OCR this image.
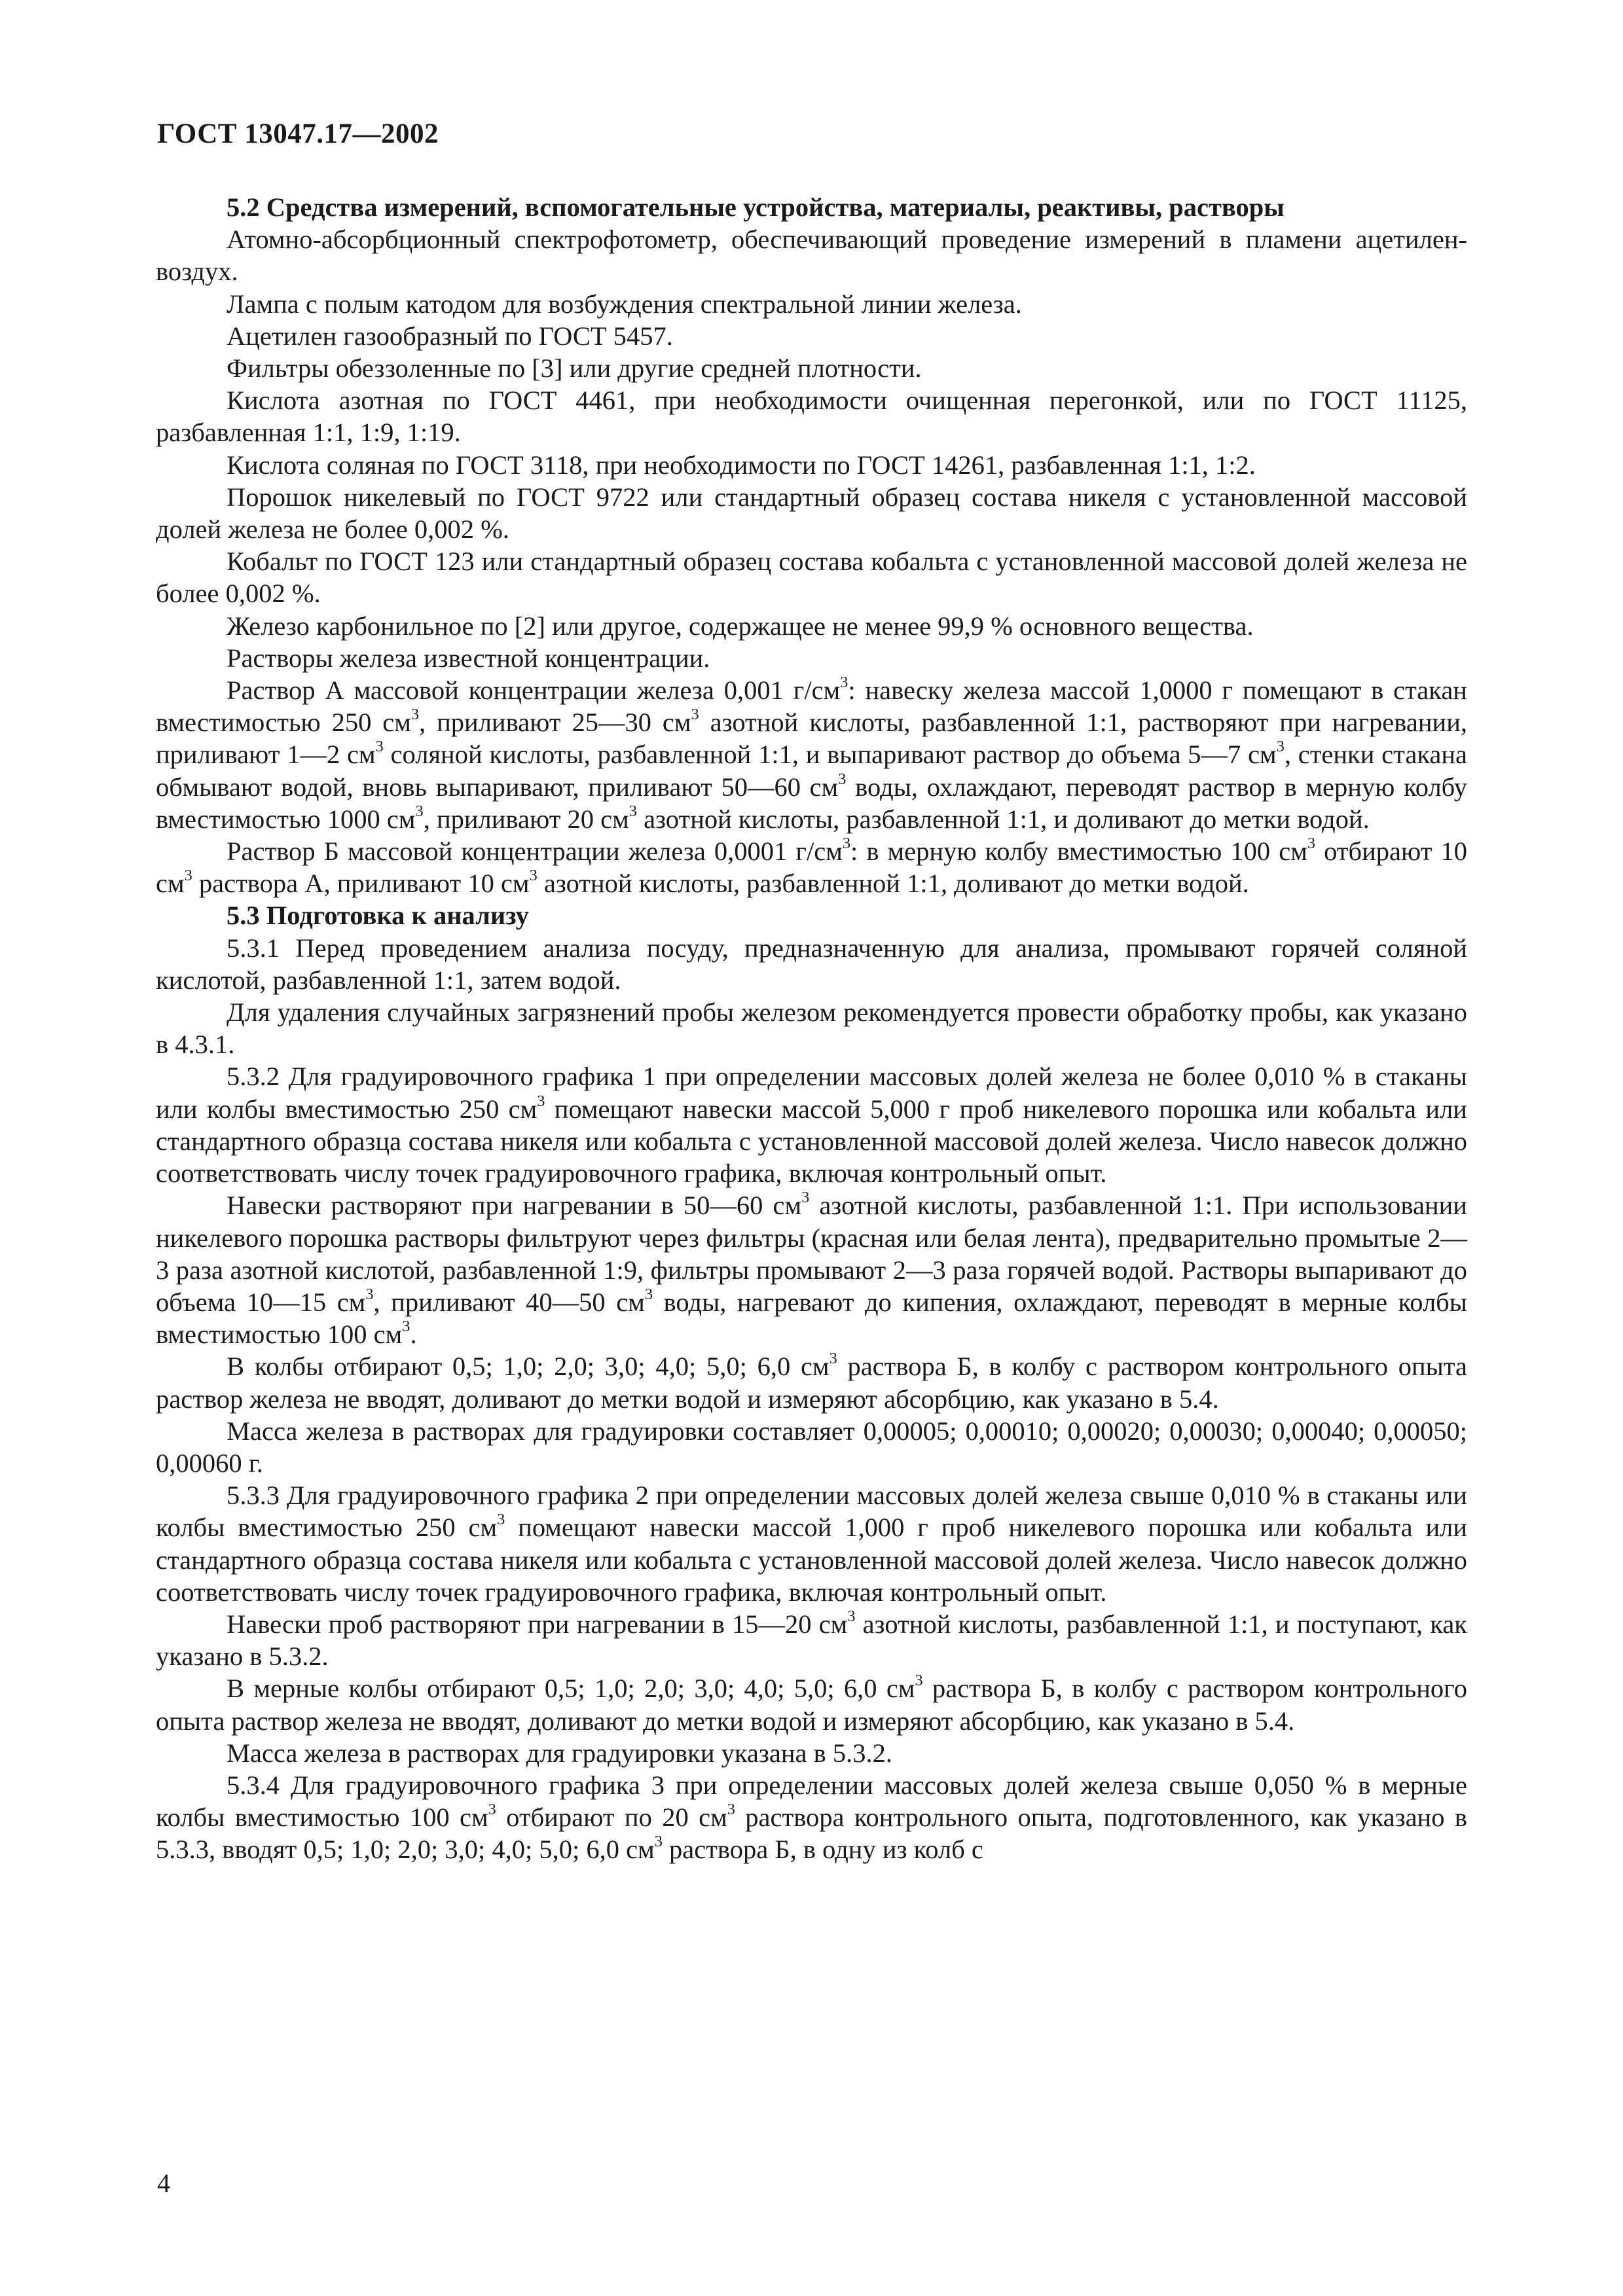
ГОСТ 13047.17—2002

5.2 Средства измерений, вспомогательные устройства, материалы, реактивы, растворы

Атомно-абсорбционный спектрофотометр, обеспечивающий проведение измерений в пламени ацетилен-воздух.

Лампа с полым катодом для возбуждения спектральной линии железа.

Ацетилен газообразный по ГОСТ 5457.

Фильтры обеззоленные по [3] или другие средней плотности.

Кислота азотная по ГОСТ 4461, при необходимости очищенная перегонкой, или по ГОСТ 11125, разбавленная 1:1, 1:9, 1:19.

Кислота соляная по ГОСТ 3118, при необходимости по ГОСТ 14261, разбавленная 1:1, 1:2.

Порошок никелевый по ГОСТ 9722 или стандартный образец состава никеля с установленной массовой долей железа не более 0,002 %.

Кобальт по ГОСТ 123 или стандартный образец состава кобальта с установленной массовой долей железа не более 0,002 %.

Железо карбонильное по [2] или другое, содержащее не менее 99,9 % основного вещества.

Растворы железа известной концентрации.

Раствор А массовой концентрации железа 0,001 $г/см^3$: навеску железа массой 1,0000 г помещают в стакан вместимостью 250 $см^3$, приливают 25—30 $см^3$ азотной кислоты, разбавленной 1:1, растворяют при нагревании, приливают 1—2 $см^3$ соляной кислоты, разбавленной 1:1, и выпаривают раствор до объема 5—7 $см^3$, стенки стакана обмывают водой, вновь выпаривают, приливают 50—60 $см^3$ воды, охлаждают, переводят раствор в мерную колбу вместимостью 1000 $см^3$, приливают 20 $см^3$ азотной кислоты, разбавленной 1:1, и доливают до метки водой.

Раствор Б массовой концентрации железа 0,0001 $г/см^3$: в мерную колбу вместимостью 100 $см^3$ отбирают 10 $см^3$ раствора А, приливают 10 $см^3$ азотной кислоты, разбавленной 1:1, доливают до метки водой.

5.3 Подготовка к анализу

5.3.1 Перед проведением анализа посуду, предназначенную для анализа, промывают горячей соляной кислотой, разбавленной 1:1, затем водой.

Для удаления случайных загрязнений пробы железом рекомендуется провести обработку пробы, как указано в 4.3.1.

5.3.2 Для градуировочного графика 1 при определении массовых долей железа не более 0,010 % в стаканы или колбы вместимостью 250 $см^3$ помещают навески массой 5,000 г проб никелевого порошка или кобальта или стандартного образца состава никеля или кобальта с установленной массовой долей железа. Число навесок должно соответствовать числу точек градуировочного графика, включая контрольный опыт.

Навески растворяют при нагревании в 50—60 $см^3$ азотной кислоты, разбавленной 1:1. При использовании никелевого порошка растворы фильтруют через фильтры (красная или белая лента), предварительно промытые 2—3 раза азотной кислотой, разбавленной 1:9, фильтры промывают 2—3 раза горячей водой. Растворы выпаривают до объема 10—15 $см^3$, приливают 40—50 $см^3$ воды, нагревают до кипения, охлаждают, переводят в мерные колбы вместимостью 100 $см^3$.

В колбы отбирают 0,5; 1,0; 2,0; 3,0; 4,0; 5,0; 6,0 $см^3$ раствора Б, в колбу с раствором контрольного опыта раствор железа не вводят, доливают до метки водой и измеряют абсорбцию, как указано в 5.4.

Масса железа в растворах для градуировки составляет 0,00005; 0,00010; 0,00020; 0,00030; 0,00040; 0,00050; 0,00060 г.

5.3.3 Для градуировочного графика 2 при определении массовых долей железа свыше 0,010 % в стаканы или колбы вместимостью 250 $см^3$ помещают навески массой 1,000 г проб никелевого порошка или кобальта или стандартного образца состава никеля или кобальта с установленной массовой долей железа. Число навесок должно соответствовать числу точек градуировочного графика, включая контрольный опыт.

Навески проб растворяют при нагревании в 15—20 $см^3$ азотной кислоты, разбавленной 1:1, и поступают, как указано в 5.3.2.

В мерные колбы отбирают 0,5; 1,0; 2,0; 3,0; 4,0; 5,0; 6,0 $см^3$ раствора Б, в колбу с раствором контрольного опыта раствор железа не вводят, доливают до метки водой и измеряют абсорбцию, как указано в 5.4.

Масса железа в растворах для градуировки указана в 5.3.2.

5.3.4 Для градуировочного графика 3 при определении массовых долей железа свыше 0,050 % в мерные колбы вместимостью 100 $см^3$ отбирают по 20 $см^3$ раствора контрольного опыта, подготовленного, как указано в 5.3.3, вводят 0,5; 1,0; 2,0; 3,0; 4,0; 5,0; 6,0 $см^3$ раствора Б, в одну из колб с

4
